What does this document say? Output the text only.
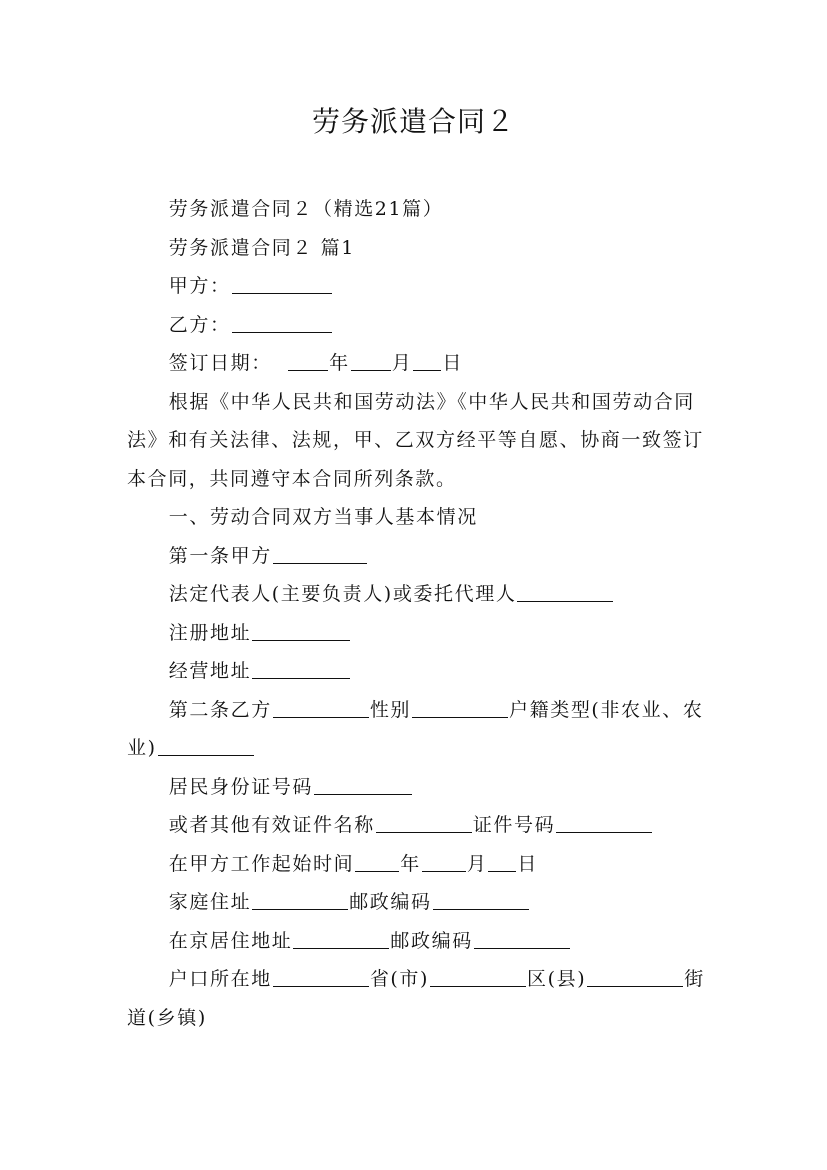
劳务派遣合同２

劳务派遣合同２（精选21篇）

劳务派遣合同２ 篇1

甲方：

乙方：

签订日期：	年 月 日

根据《中华人民共和国劳动法》《中华人民共和国劳动合同法》和有关法律、法规，甲、乙双方经平等自愿、协商一致签订本合同，共同遵守本合同所列条款。

一、劳动合同双方当事人基本情况

第一条甲方

法定代表人(主要负责人)或委托代理人

注册地址

经营地址

第二条乙方	性别	户籍类型(非农业、农业)

居民身份证号码

或者其他有效证件名称	证件号码

在甲方工作起始时间 年 月 日

家庭住址	邮政编码

在京居住地址	邮政编码

户口所在地	省(市)	区(县)	街道(乡镇)
